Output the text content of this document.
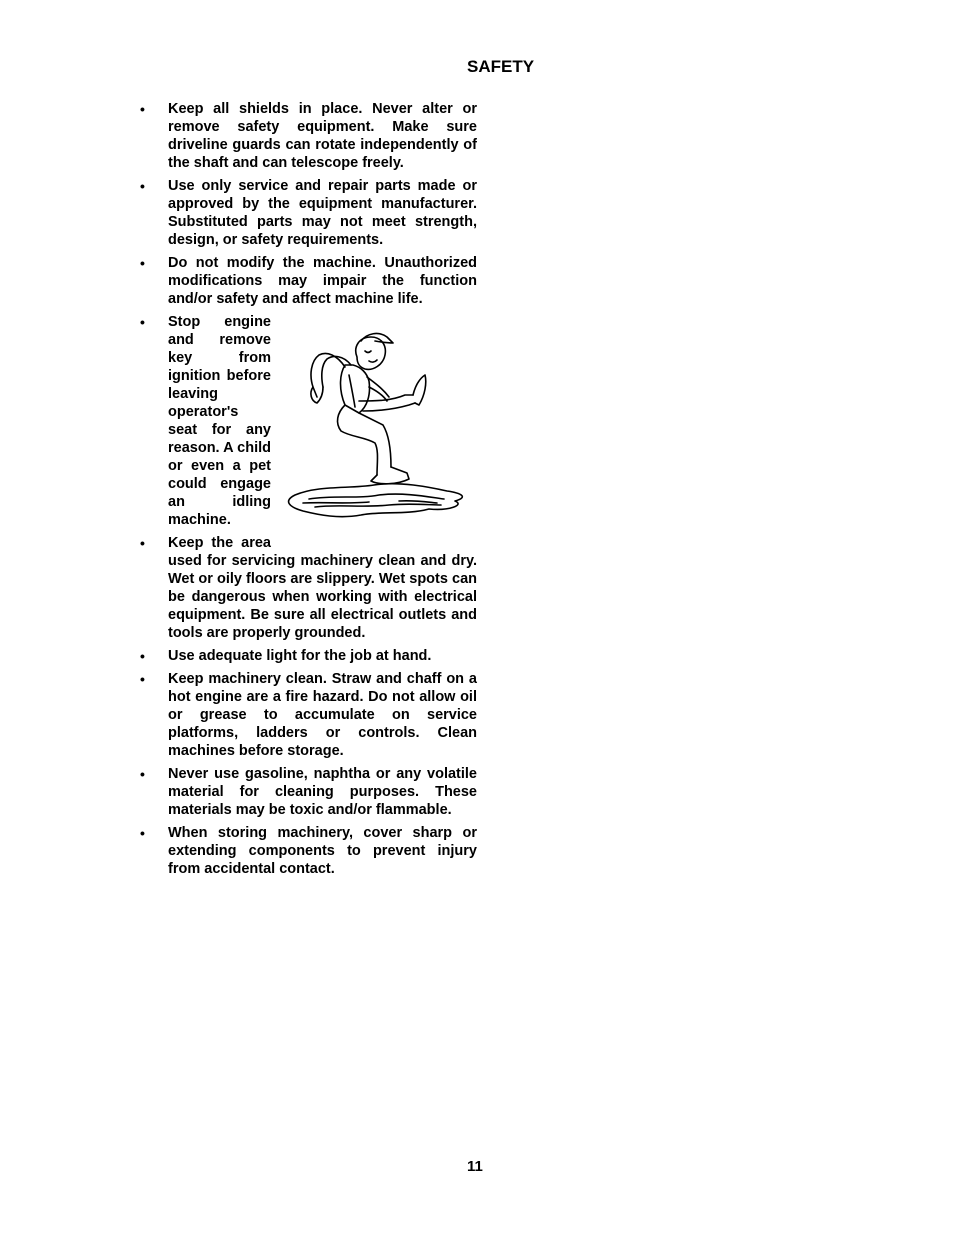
SAFETY
• Keep all shields in place. Never alter or remove safety equipment. Make sure driveline guards can rotate independently of the shaft and can telescope freely.
• Use only service and repair parts made or approved by the equipment manufacturer. Substituted parts may not meet strength, design, or safety requirements.
• Do not modify the machine. Unauthorized modifications may impair the function and/or safety and affect machine life.
• Stop engine and remove key from ignition before leaving operator's seat for any reason. A child or even a pet could engage an idling machine.
• Keep the area used for servicing machinery clean and dry. Wet or oily floors are slippery. Wet spots can be dangerous when working with electrical equipment. Be sure all electrical outlets and tools are properly grounded.
• Use adequate light for the job at hand.
• Keep machinery clean. Straw and chaff on a hot engine are a fire hazard. Do not allow oil or grease to accumulate on service platforms, ladders or controls. Clean machines before storage.
• Never use gasoline, naphtha or any volatile material for cleaning purposes. These materials may be toxic and/or flammable.
• When storing machinery, cover sharp or extending components to prevent injury from accidental contact.
11
